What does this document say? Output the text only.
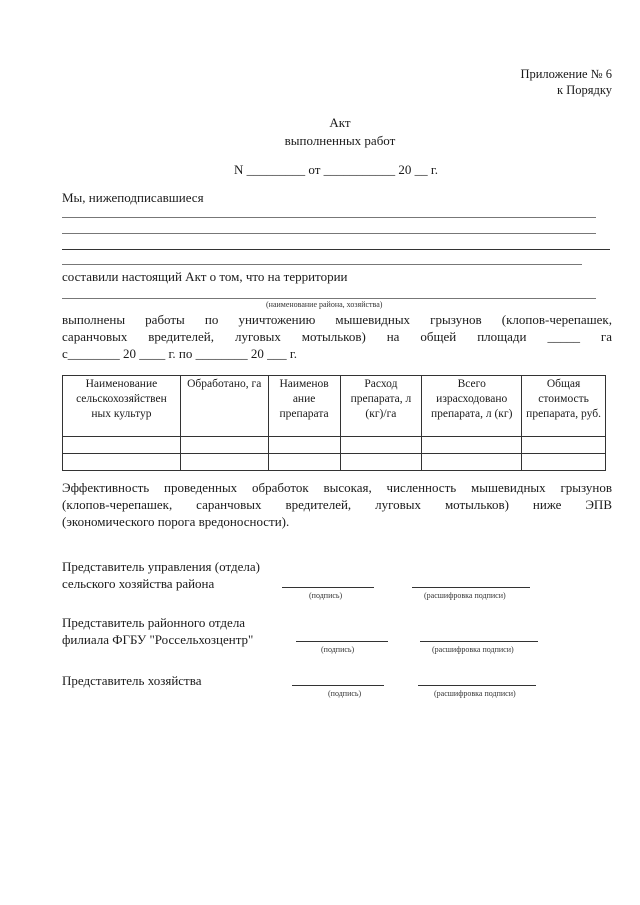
Приложение № 6
к Порядку
Акт
выполненных работ
N _________ от ___________ 20 __ г.
Мы, нижеподписавшиеся
составили настоящий Акт о том, что на территории
(наименование района, хозяйства)
выполнены работы по уничтожению мышевидных грызунов (клопов-черепашек,
саранчовых вредителей, луговых мотыльков) на общей площади _____ га
с________ 20 ____ г. по ________ 20 ___ г.
Наименование сельскохозяйствен ных культур	Обработано, га	Наименов ание препарата	Расход препарата, л (кг)/га	Всего израсходовано препарата, л (кг)	Общая стоимость препарата, руб.

Эффективность проведенных обработок высокая, численность мышевидных грызунов
(клопов-черепашек, саранчовых вредителей, луговых мотыльков) ниже ЭПВ
(экономического порога вредоносности).
Представитель управления (отдела)
сельского хозяйства района
(подпись)	(расшифровка подписи)
Представитель районного отдела
филиала ФГБУ "Россельхозцентр"
(подпись)	(расшифровка подписи)
Представитель хозяйства
(подпись)	(расшифровка подписи)
